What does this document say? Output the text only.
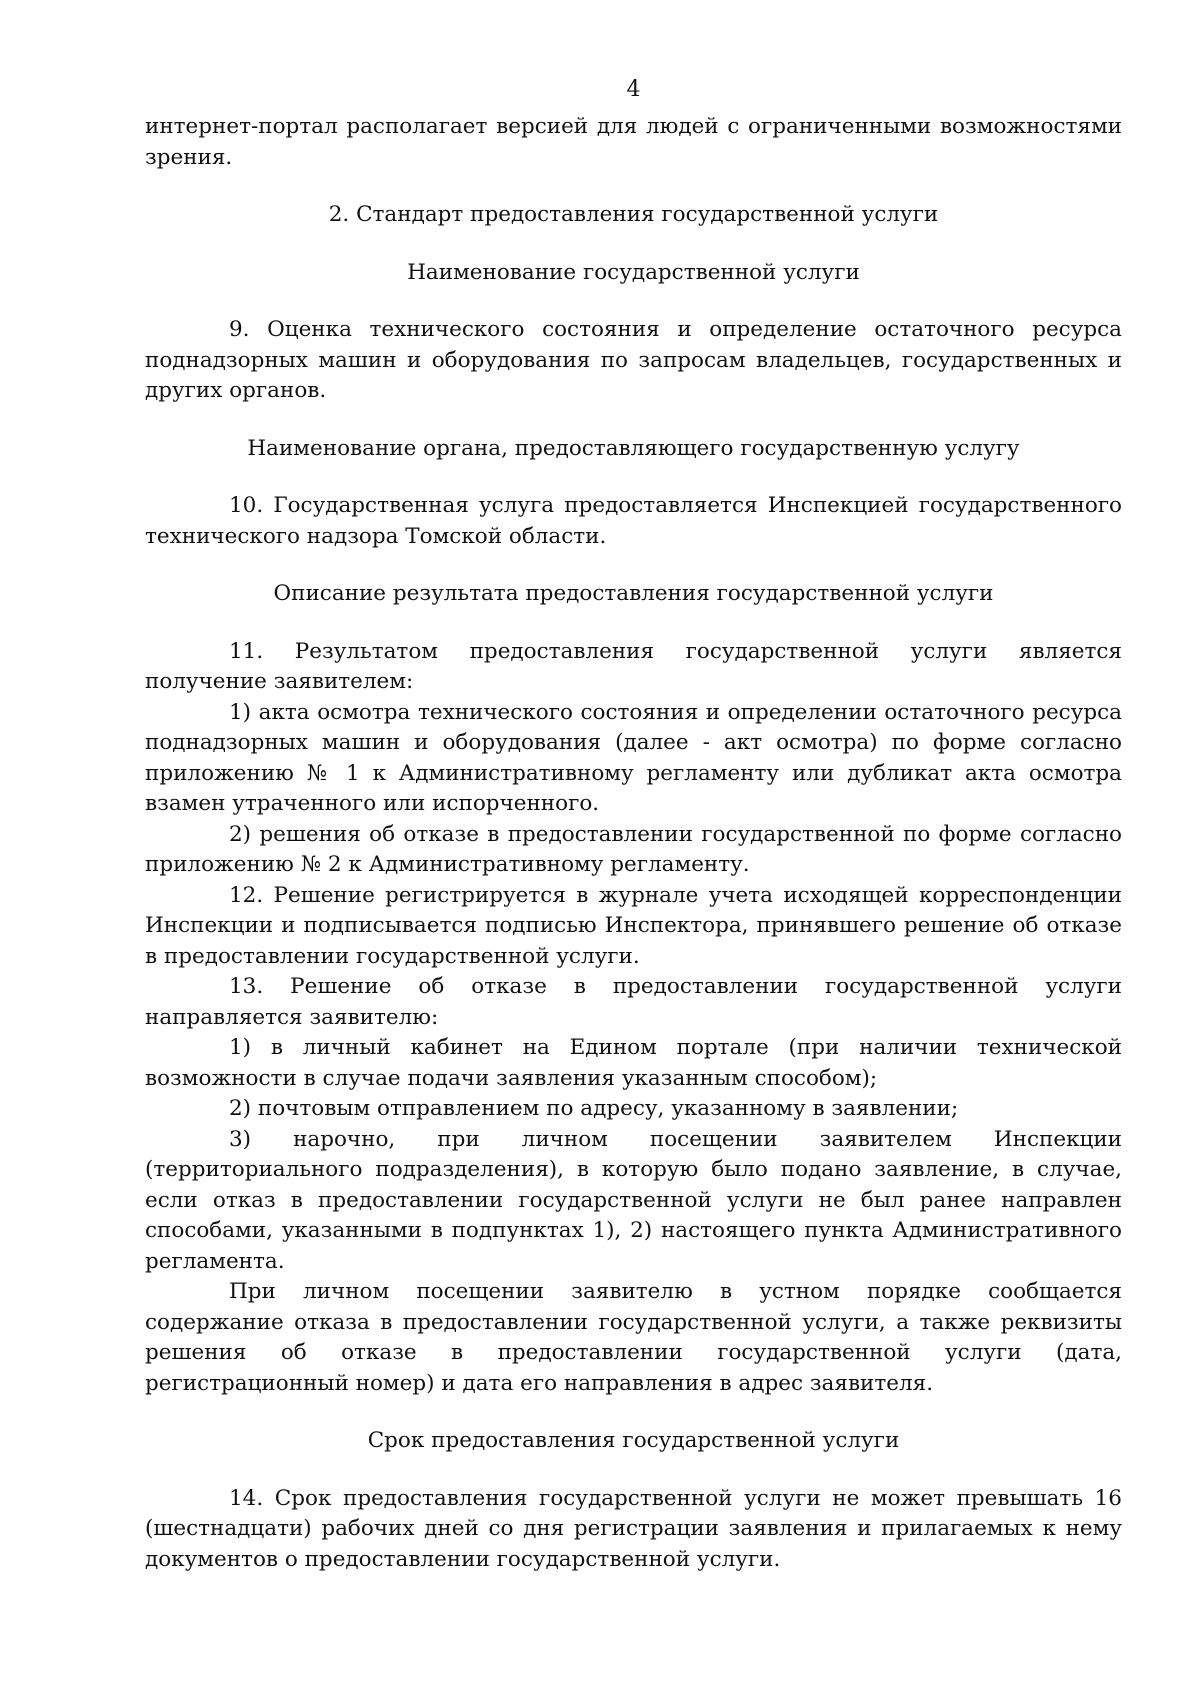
4

интернет-портал располагает версией для людей с ограниченными возможностями зрения.

2. Стандарт предоставления государственной услуги
Наименование государственной услуги

9. Оценка технического состояния и определение остаточного ресурса поднадзорных машин и оборудования по запросам владельцев, государственных и других органов.

Наименование органа, предоставляющего государственную услугу

10. Государственная услуга предоставляется Инспекцией государственного технического надзора Томской области.

Описание результата предоставления государственной услуги

11. Результатом предоставления государственной услуги является получение заявителем:

1) акта осмотра технического состояния и определении остаточного ресурса поднадзорных машин и оборудования (далее - акт осмотра) по форме согласно приложению № 1 к Административному регламенту или дубликат акта осмотра взамен утраченного или испорченного.

2) решения об отказе в предоставлении государственной по форме согласно приложению № 2 к Административному регламенту.

12. Решение регистрируется в журнале учета исходящей корреспонденции Инспекции и подписывается подписью Инспектора, принявшего решение об отказе в предоставлении государственной услуги.

13. Решение об отказе в предоставлении государственной услуги направляется заявителю:

1) в личный кабинет на Едином портале (при наличии технической возможности в случае подачи заявления указанным способом);

2) почтовым отправлением по адресу, указанному в заявлении;

3) нарочно, при личном посещении заявителем Инспекции (территориального подразделения), в которую было подано заявление, в случае, если отказ в предоставлении государственной услуги не был ранее направлен способами, указанными в подпунктах 1), 2) настоящего пункта Административного регламента.

При личном посещении заявителю в устном порядке сообщается содержание отказа в предоставлении государственной услуги, а также реквизиты решения об отказе в предоставлении государственной услуги (дата, регистрационный номер) и дата его направления в адрес заявителя.

Срок предоставления государственной услуги

14. Срок предоставления государственной услуги не может превышать 16 (шестнадцати) рабочих дней со дня регистрации заявления и прилагаемых к нему документов о предоставлении государственной услуги.
